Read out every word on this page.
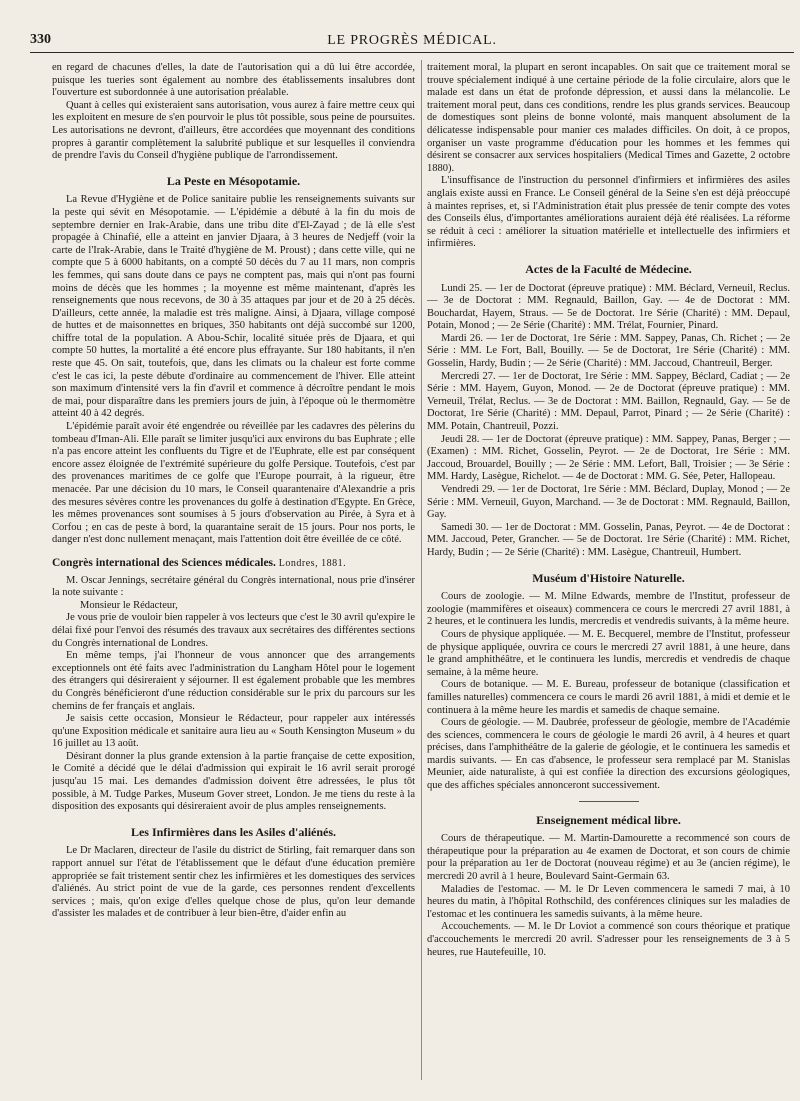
330	LE PROGRÈS MÉDICAL.

en regard de chacunes d'elles, la date de l'autorisation qui a dû lui être accordée, puisque les tueries sont également au nombre des établissements insalubres dont l'ouverture est subordonnée à une autorisation préalable.

Quant à celles qui existeraient sans autorisation, vous aurez à faire mettre ceux qui les exploitent en mesure de s'en pourvoir le plus tôt possible, sous peine de poursuites. Les autorisations ne devront, d'ailleurs, être accordées que moyennant des conditions propres à garantir complètement la salubrité publique et sur lesquelles il conviendra de prendre l'avis du Conseil d'hygiène publique de l'arrondissement.

La Peste en Mésopotamie.

La Revue d'Hygiène et de Police sanitaire publie les renseignements suivants sur la peste qui sévit en Mésopotamie. — L'épidémie a débuté à la fin du mois de septembre dernier en Irak-Arabie, dans une tribu dite d'El-Zayad ; de là elle s'est propagée à Chinafié, elle a atteint en janvier Djaara, à 3 heures de Nedjeff (voir la carte de l'Irak-Arabie, dans le Traité d'hygiène de M. Proust) ; dans cette ville, qui ne compte que 5 à 6000 habitants, on a compté 50 décès du 7 au 11 mars, non compris les femmes, qui sans doute dans ce pays ne comptent pas, mais qui n'ont pas fourni moins de décès que les hommes ; la moyenne est même maintenant, d'après les renseignements que nous recevons, de 30 à 35 attaques par jour et de 20 à 25 décès. D'ailleurs, cette année, la maladie est très maligne. Ainsi, à Djaara, village composé de huttes et de maisonnettes en briques, 350 habitants ont déjà succombé sur 1200, chiffre total de la population. A Abou-Schir, localité située près de Djaara, et qui compte 50 huttes, la mortalité a été encore plus effrayante. Sur 180 habitants, il n'en reste que 45. On sait, toutefois, que, dans les climats ou la chaleur est forte comme c'est le cas ici, la peste débute d'ordinaire au commencement de l'hiver. Elle atteint son maximum d'intensité vers la fin d'avril et commence à décroître pendant le mois de mai, pour disparaître dans les premiers jours de juin, à l'époque où le thermomètre atteint 40 à 42 degrés.

L'épidémie paraît avoir été engendrée ou réveillée par les cadavres des pèlerins du tombeau d'Iman-Ali. Elle paraît se limiter jusqu'ici aux environs du bas Euphrate ; elle n'a pas encore atteint les confluents du Tigre et de l'Euphrate, elle est par conséquent encore assez éloignée de l'extrémité supérieure du golfe Persique. Toutefois, c'est par des provenances maritimes de ce golfe que l'Europe pourrait, à la rigueur, être menacée. Par une décision du 10 mars, le Conseil quarantenaire d'Alexandrie a pris des mesures sévères contre les provenances du golfe à destination d'Egypte. En Grèce, les mêmes provenances sont soumises à 5 jours d'observation au Pirée, à Syra et à Corfou ; en cas de peste à bord, la quarantaine serait de 15 jours. Pour nos ports, le danger n'est donc nullement menaçant, mais l'attention doit être éveillée de ce côté.

Congrès international des Sciences médicales. Londres, 1881.

M. Oscar Jennings, secrétaire général du Congrès international, nous prie d'insérer la note suivante :

Monsieur le Rédacteur,

Je vous prie de vouloir bien rappeler à vos lecteurs que c'est le 30 avril qu'expire le délai fixé pour l'envoi des résumés des travaux aux secrétaires des différentes sections du Congrès international de Londres.

En même temps, j'ai l'honneur de vous annoncer que des arrangements exceptionnels ont été faits avec l'administration du Langham Hôtel pour le logement des étrangers qui désireraient y séjourner. Il est également probable que les membres du Congrès bénéficieront d'une réduction considérable sur le prix du parcours sur les chemins de fer français et anglais.

Je saisis cette occasion, Monsieur le Rédacteur, pour rappeler aux intéressés qu'une Exposition médicale et sanitaire aura lieu au « South Kensington Museum » du 16 juillet au 13 août.

Désirant donner la plus grande extension à la partie française de cette exposition, le Comité a décidé que le délai d'admission qui expirait le 16 avril serait prorogé jusqu'au 15 mai. Les demandes d'admission doivent être adressées, le plus tôt possible, à M. Tudge Parkes, Museum Gover street, London. Je me tiens du reste à la disposition des exposants qui désireraient avoir de plus amples renseignements.

Les Infirmières dans les Asiles d'aliénés.

Le Dr Maclaren, directeur de l'asile du district de Stirling, fait remarquer dans son rapport annuel sur l'état de l'établissement que le défaut d'une éducation première appropriée se fait tristement sentir chez les infirmières et les domestiques des services d'aliénés. Au strict point de vue de la garde, ces personnes rendent d'excellents services ; mais, qu'on exige d'elles quelque chose de plus, qu'on leur demande d'assister les malades et de contribuer à leur bien-être, d'aider enfin au

traitement moral, la plupart en seront incapables. On sait que ce traitement moral se trouve spécialement indiqué à une certaine période de la folie circulaire, alors que le malade est dans un état de profonde dépression, et aussi dans la mélancolie. Le traitement moral peut, dans ces conditions, rendre les plus grands services. Beaucoup de domestiques sont pleins de bonne volonté, mais manquent absolument de la délicatesse indispensable pour manier ces malades difficiles. On doit, à ce propos, organiser un vaste programme d'éducation pour les hommes et les femmes qui désirent se consacrer aux services hospitaliers (Medical Times and Gazette, 2 octobre 1880).

L'insuffisance de l'instruction du personnel d'infirmiers et infirmières des asiles anglais existe aussi en France. Le Conseil général de la Seine s'en est déjà préoccupé à maintes reprises, et, si l'Administration était plus pressée de tenir compte des votes des Conseils élus, d'importantes améliorations auraient déjà été réalisées. La réforme se réduit à ceci : améliorer la situation matérielle et intellectuelle des infirmiers et infirmières.

Actes de la Faculté de Médecine.

Lundi 25. — 1er de Doctorat (épreuve pratique) : MM. Béclard, Verneuil, Reclus. — 3e de Doctorat : MM. Regnauld, Baillon, Gay. — 4e de Doctorat : MM. Bouchardat, Hayem, Straus. — 5e de Doctorat. 1re Série (Charité) : MM. Depaul, Potain, Monod ; — 2e Série (Charité) : MM. Trélat, Fournier, Pinard.

Mardi 26. — 1er de Doctorat, 1re Série : MM. Sappey, Panas, Ch. Richet ; — 2e Série : MM. Le Fort, Ball, Bouilly. — 5e de Doctorat, 1re Série (Charité) : MM. Gosselin, Hardy, Budin ; — 2e Série (Charité) : MM. Jaccoud, Chantreuil, Berger.

Mercredi 27. — 1er de Doctorat, 1re Série : MM. Sappey, Béclard, Cadiat ; — 2e Série : MM. Hayem, Guyon, Monod. — 2e de Doctorat (épreuve pratique) : MM. Verneuil, Trélat, Reclus. — 3e de Doctorat : MM. Baillon, Regnauld, Gay. — 5e de Doctorat, 1re Série (Charité) : MM. Depaul, Parrot, Pinard ; — 2e Série (Charité) : MM. Potain, Chantreuil, Pozzi.

Jeudi 28. — 1er de Doctorat (épreuve pratique) : MM. Sappey, Panas, Berger ; — (Examen) : MM. Richet, Gosselin, Peyrot. — 2e de Doctorat, 1re Série : MM. Jaccoud, Brouardel, Bouilly ; — 2e Série : MM. Lefort, Ball, Troisier ; — 3e Série : MM. Hardy, Lasègue, Richelot. — 4e de Doctorat : MM. G. Sée, Peter, Hallopeau.

Vendredi 29. — 1er de Doctorat, 1re Série : MM. Béclard, Duplay, Monod ; — 2e Série : MM. Verneuil, Guyon, Marchand. — 3e de Doctorat : MM. Regnauld, Baillon, Gay.

Samedi 30. — 1er de Doctorat : MM. Gosselin, Panas, Peyrot. — 4e de Doctorat : MM. Jaccoud, Peter, Grancher. — 5e de Doctorat. 1re Série (Charité) : MM. Richet, Hardy, Budin ; — 2e Série (Charité) : MM. Lasègue, Chantreuil, Humbert.

Muséum d'Histoire Naturelle.

Cours de zoologie. — M. Milne Edwards, membre de l'Institut, professeur de zoologie (mammifères et oiseaux) commencera ce cours le mercredi 27 avril 1881, à 2 heures, et le continuera les lundis, mercredis et vendredis suivants, à la même heure.

Cours de physique appliquée. — M. E. Becquerel, membre de l'Institut, professeur de physique appliquée, ouvrira ce cours le mercredi 27 avril 1881, à une heure, dans le grand amphithéâtre, et le continuera les lundis, mercredis et vendredis de chaque semaine, à la même heure.

Cours de botanique. — M. E. Bureau, professeur de botanique (classification et familles naturelles) commencera ce cours le mardi 26 avril 1881, à midi et demie et le continuera à la même heure les mardis et samedis de chaque semaine.

Cours de géologie. — M. Daubrée, professeur de géologie, membre de l'Académie des sciences, commencera le cours de géologie le mardi 26 avril, à 4 heures et quart précises, dans l'amphithéâtre de la galerie de géologie, et le continuera les samedis et mardis suivants. — En cas d'absence, le professeur sera remplacé par M. Stanislas Meunier, aide naturaliste, à qui est confiée la direction des excursions géologiques, que des affiches spéciales annonceront successivement.

Enseignement médical libre.

Cours de thérapeutique. — M. Martin-Damourette a recommencé son cours de thérapeutique pour la préparation au 4e examen de Doctorat, et son cours de chimie pour la préparation au 1er de Doctorat (nouveau régime) et au 3e (ancien régime), le mercredi 20 avril à 1 heure, Boulevard Saint-Germain 63.

Maladies de l'estomac. — M. le Dr Leven commencera le samedi 7 mai, à 10 heures du matin, à l'hôpital Rothschild, des conférences cliniques sur les maladies de l'estomac et les continuera les samedis suivants, à la même heure.

Accouchements. — M. le Dr Loviot a commencé son cours théorique et pratique d'accouchements le mercredi 20 avril. S'adresser pour les renseignements de 3 à 5 heures, rue Hautefeuille, 10.
